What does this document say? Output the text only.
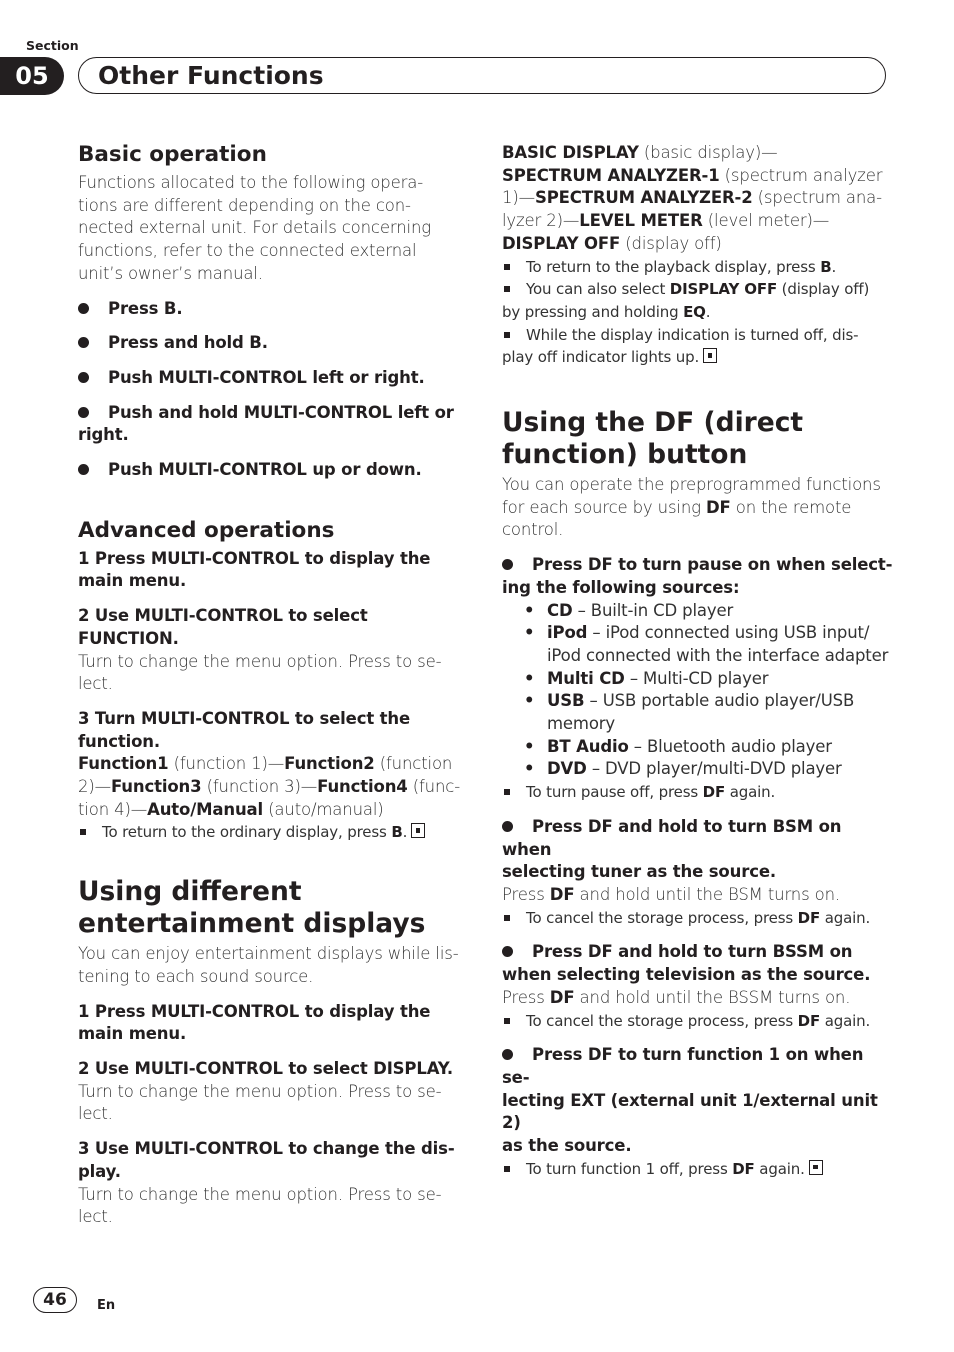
Section
05	Other Functions
Basic operation
Functions allocated to the following opera-
tions are different depending on the con-
nected external unit. For details concerning
functions, refer to the connected external
unit’s owner’s manual.
Press B.
Press and hold B.
Push MULTI-CONTROL left or right.
Push and hold MULTI-CONTROL left or
right.
Push MULTI-CONTROL up or down.
Advanced operations
1 Press MULTI-CONTROL to display the
main menu.
2 Use MULTI-CONTROL to select
FUNCTION.
Turn to change the menu option. Press to se-
lect.
3 Turn MULTI-CONTROL to select the
function.
Function1 (function 1)—Function2 (function
2)—Function3 (function 3)—Function4 (func-
tion 4)—Auto/Manual (auto/manual)
To return to the ordinary display, press B.
Using different
entertainment displays
You can enjoy entertainment displays while lis-
tening to each sound source.
1 Press MULTI-CONTROL to display the
main menu.
2 Use MULTI-CONTROL to select DISPLAY.
Turn to change the menu option. Press to se-
lect.
3 Use MULTI-CONTROL to change the dis-
play.
Turn to change the menu option. Press to se-
lect.
BASIC DISPLAY (basic display)—
SPECTRUM ANALYZER-1 (spectrum analyzer
1)—SPECTRUM ANALYZER-2 (spectrum ana-
lyzer 2)—LEVEL METER (level meter)—
DISPLAY OFF (display off)
To return to the playback display, press B.
You can also select DISPLAY OFF (display off)
by pressing and holding EQ.
While the display indication is turned off, dis-
play off indicator lights up.
Using the DF (direct
function) button
You can operate the preprogrammed functions
for each source by using DF on the remote
control.
Press DF to turn pause on when select-
ing the following sources:
• CD – Built-in CD player
• iPod – iPod connected using USB input/
iPod connected with the interface adapter
• Multi CD – Multi-CD player
• USB – USB portable audio player/USB
memory
• BT Audio – Bluetooth audio player
• DVD – DVD player/multi-DVD player
To turn pause off, press DF again.
Press DF and hold to turn BSM on when
selecting tuner as the source.
Press DF and hold until the BSM turns on.
To cancel the storage process, press DF again.
Press DF and hold to turn BSSM on
when selecting television as the source.
Press DF and hold until the BSSM turns on.
To cancel the storage process, press DF again.
Press DF to turn function 1 on when se-
lecting EXT (external unit 1/external unit 2)
as the source.
To turn function 1 off, press DF again.
46	En
